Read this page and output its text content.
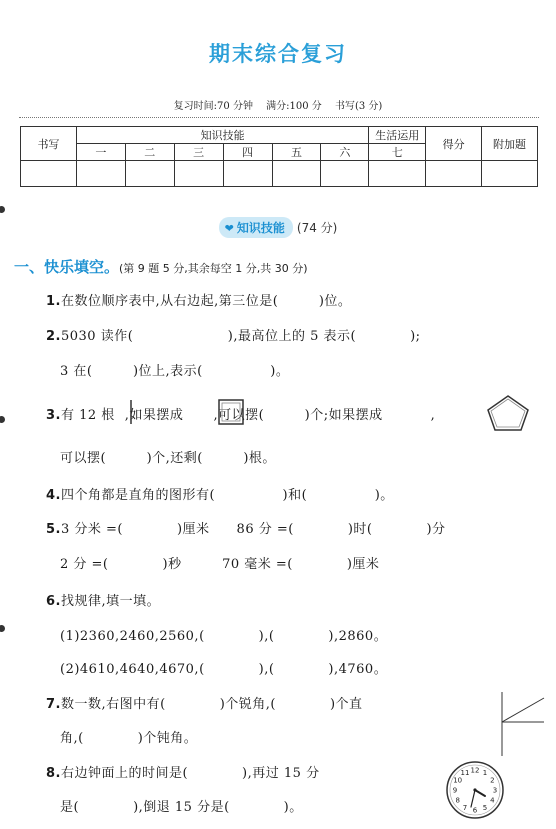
期末综合复习
复习时间:70 分钟 满分:100 分 书写(3 分)
书写	知识技能						生活运用	得分	附加题
	一	二	三	四	五	六	七		

❤ 知识技能 (74 分)
一、快乐填空。(第 9 题 5 分,其余每空 1 分,共 30 分)
1.在数位顺序表中,从右边起,第三位是(　　　)位。
2.5030 读作(　　　　　　　),最高位上的 5 表示(　　　　);
3 在(　　　)位上,表示(　　　　　)。
3.有 12 根 ,如果摆成 ,可以摆(　　　)个;如果摆成	,
可以摆(　　　)个,还剩(　　　)根。
4.四个角都是直角的图形有(　　　　　)和(　　　　　)。
5.3 分米 =(　　　　)厘米　　86 分 =(　　　　)时(　　　　)分
2 分 =(　　　　)秒　　　70 毫米 =(　　　　)厘米
6.找规律,填一填。
(1)2360,2460,2560,(　　　　),(　　　　),2860。
(2)4610,4640,4670,(　　　　),(　　　　),4760。
7.数一数,右图中有(　　　　)个锐角,(　　　　)个直
角,(　　　　)个钝角。
8.右边钟面上的时间是(　　　　),再过 15 分
是(　　　　),倒退 15 分是(　　　　)。
12 1
2
3
4
5
6
7
8
9
10
11
